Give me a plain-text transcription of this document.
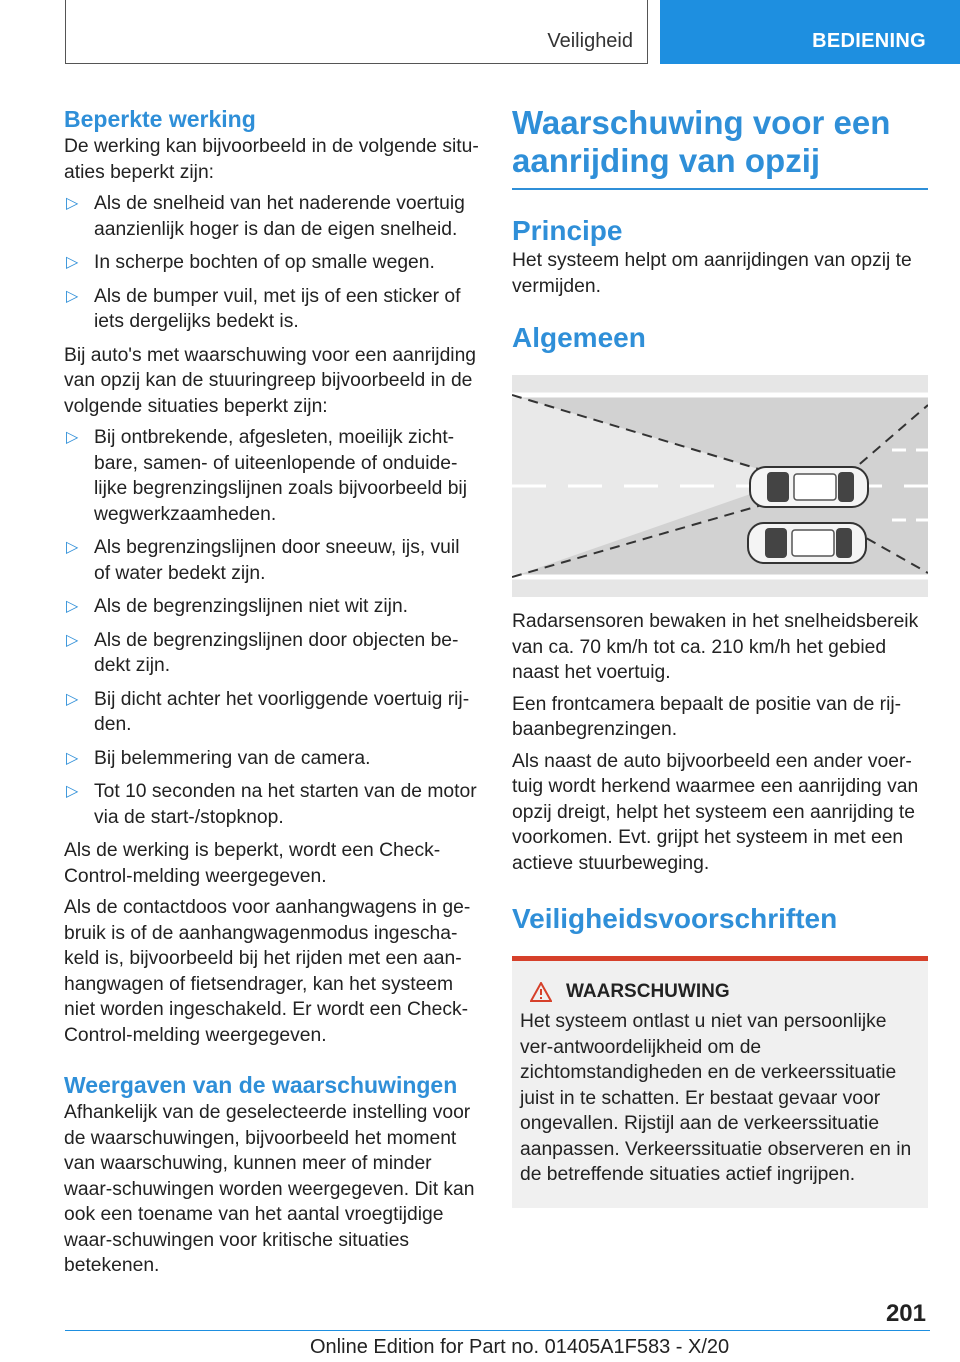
Veiligheid	BEDIENING
Beperkte werking

De werking kan bijvoorbeeld in de volgende situ-aties beperkt zijn:

▷ Als de snelheid van het naderende voertuig aanzienlijk hoger is dan de eigen snelheid.
▷ In scherpe bochten of op smalle wegen.
▷ Als de bumper vuil, met ijs of een sticker of iets dergelijks bedekt is.

Bij auto's met waarschuwing voor een aanrijding van opzij kan de stuuringreep bijvoorbeeld in de volgende situaties beperkt zijn:

▷ Bij ontbrekende, afgesleten, moeilijk zicht-bare, samen- of uiteenlopende of onduide-lijke begrenzingslijnen zoals bijvoorbeeld bij wegwerkzaamheden.
▷ Als begrenzingslijnen door sneeuw, ijs, vuil of water bedekt zijn.
▷ Als de begrenzingslijnen niet wit zijn.
▷ Als de begrenzingslijnen door objecten be-dekt zijn.
▷ Bij dicht achter het voorliggende voertuig rij-den.
▷ Bij belemmering van de camera.
▷ Tot 10 seconden na het starten van de motor via de start-/stopknop.

Als de werking is beperkt, wordt een Check-Control-melding weergegeven.

Als de contactdoos voor aanhangwagens in ge-bruik is of de aanhangwagenmodus ingescha-keld is, bijvoorbeeld bij het rijden met een aan-hangwagen of fietsendrager, kan het systeem niet worden ingeschakeld. Er wordt een Check-Control-melding weergegeven.

Weergaven van de waarschuwingen

Afhankelijk van de geselecteerde instelling voor de waarschuwingen, bijvoorbeeld het moment van waarschuwing, kunnen meer of minder waar-schuwingen worden weergegeven. Dit kan ook een toename van het aantal vroegtijdige waar-schuwingen voor kritische situaties betekenen.

Waarschuwing voor een aanrijding van opzij
Principe

Het systeem helpt om aanrijdingen van opzij te vermijden.

Algemeen

Radarsensoren bewaken in het snelheidsbereik van ca. 70 km/h tot ca. 210 km/h het gebied naast het voertuig.

Een frontcamera bepaalt de positie van de rij-baanbegrenzingen.

Als naast de auto bijvoorbeeld een ander voer-tuig wordt herkend waarmee een aanrijding van opzij dreigt, helpt het systeem een aanrijding te voorkomen. Evt. grijpt het systeem in met een actieve stuurbeweging.

Veiligheidsvoorschriften
WAARSCHUWING

Het systeem ontlast u niet van persoonlijke ver-antwoordelijkheid om de zichtomstandigheden en de verkeerssituatie juist in te schatten. Er bestaat gevaar voor ongevallen. Rijstijl aan de verkeerssituatie aanpassen. Verkeerssituatie observeren en in de betreffende situaties actief ingrijpen.

201
Online Edition for Part no. 01405A1F583 - X/20
